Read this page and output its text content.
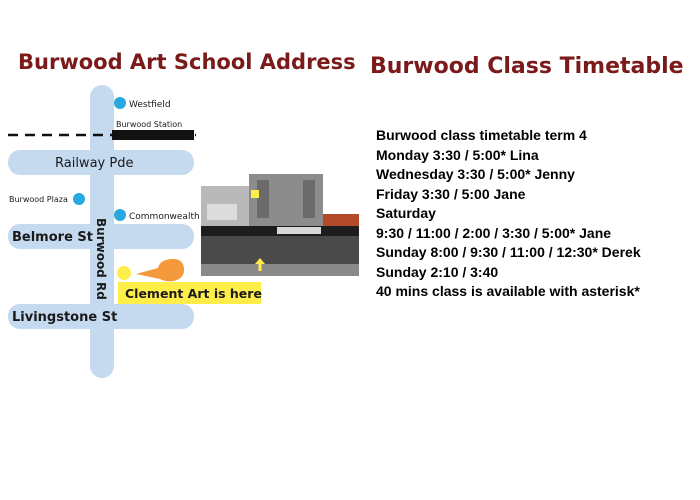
Burwood Art School Address Burwood Class Timetable
Westfield
Burwood Station
Railway Pde
Burwood Plaza
Commonwealth
Belmore St Burwood Rd
Livingstone St
Clement Art is here
Burwood class timetable term 4
Monday 3:30 / 5:00* Lina
Wednesday 3:30 / 5:00* Jenny
Friday 3:30 / 5:00 Jane
Saturday
9:30 / 11:00 / 2:00 / 3:30 / 5:00* Jane
Sunday 8:00 / 9:30 / 11:00 / 12:30* Derek
Sunday 2:10 / 3:40
40 mins class is available with asterisk*
